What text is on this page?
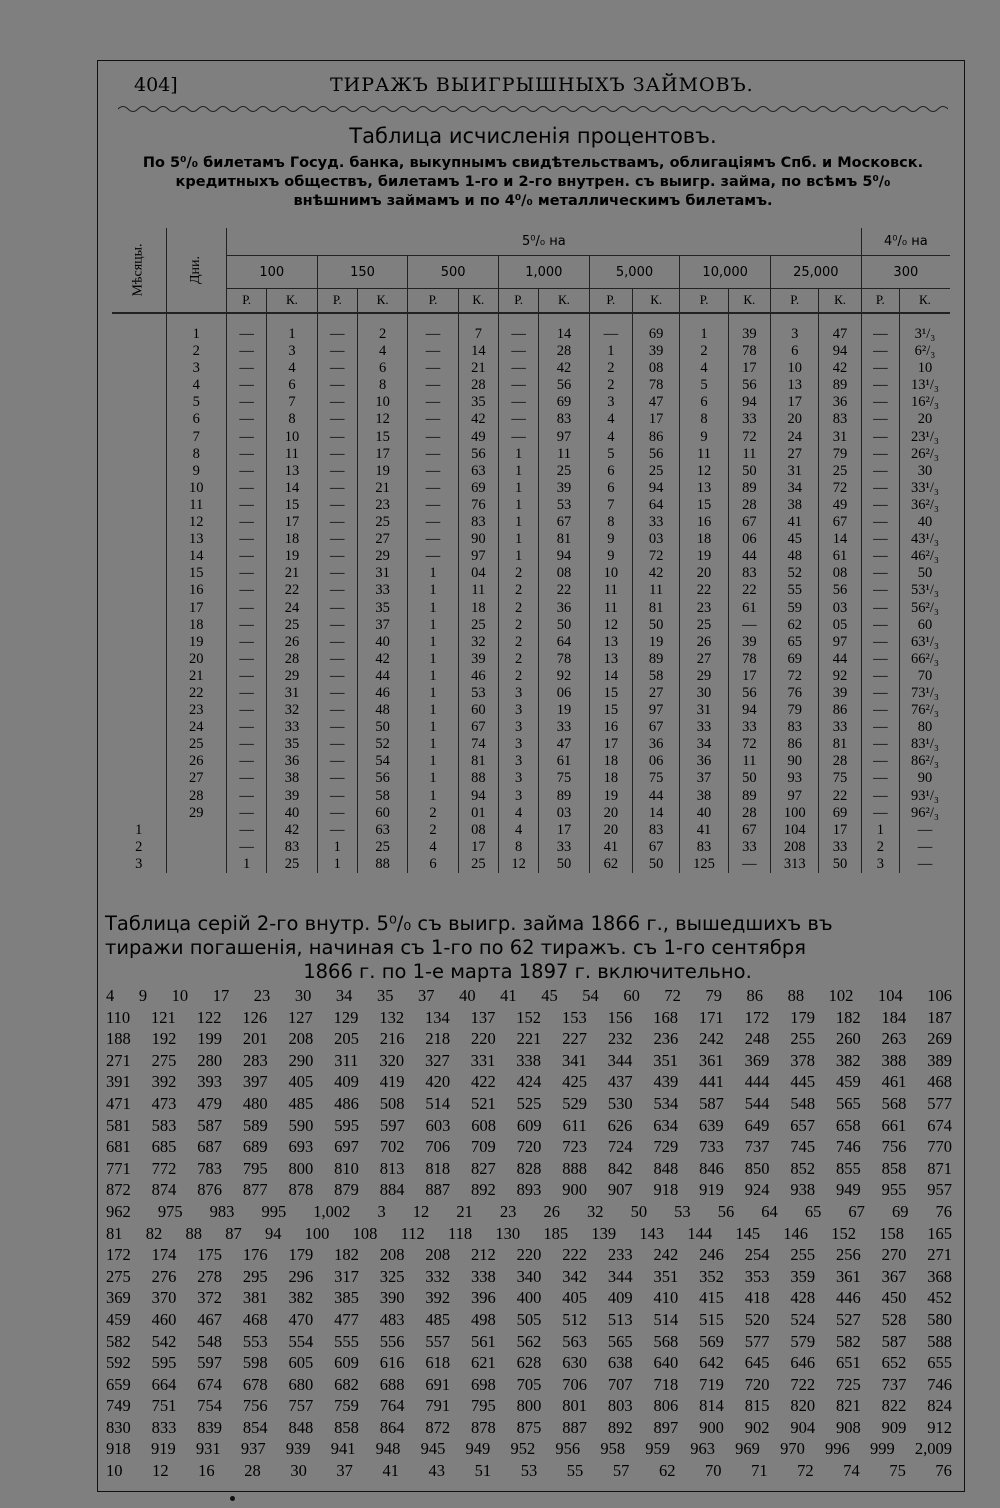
404]	ТИРАЖЪ ВЫИГРЫШНЫХЪ ЗАЙМОВЪ.
Таблица исчисленія процентовъ.
По 5⁰/₀ билетамъ Госуд. банка, выкупнымъ свидѣтельствамъ, облигаціямъ Спб. и Московск.
кредитныхъ обществъ, билетамъ 1-го и 2-го внутрен. съ выигр. займа, по всѣмъ 5⁰/₀
внѣшнимъ займамъ и по 4⁰/₀ металлическимъ билетамъ.
Мѣсяцы.	Дни.	5⁰/₀ на														4⁰/₀ на	
		100		150		500		1,000		5,000		10,000		25,000		300	
		Р.	К.	Р.	К.	Р.	К.	Р.	К.	Р.	К.	Р.	К.	Р.	К.	Р.	К.

	1	—	1	—	2	—	7	—	14	—	69	1	39	3	47	—	3¹/₃
	2	—	3	—	4	—	14	—	28	1	39	2	78	6	94	—	6²/₃
	3	—	4	—	6	—	21	—	42	2	08	4	17	10	42	—	10
	4	—	6	—	8	—	28	—	56	2	78	5	56	13	89	—	13¹/₃
	5	—	7	—	10	—	35	—	69	3	47	6	94	17	36	—	16²/₃
	6	—	8	—	12	—	42	—	83	4	17	8	33	20	83	—	20
	7	—	10	—	15	—	49	—	97	4	86	9	72	24	31	—	23¹/₃
	8	—	11	—	17	—	56	1	11	5	56	11	11	27	79	—	26²/₃
	9	—	13	—	19	—	63	1	25	6	25	12	50	31	25	—	30
	10	—	14	—	21	—	69	1	39	6	94	13	89	34	72	—	33¹/₃
	11	—	15	—	23	—	76	1	53	7	64	15	28	38	49	—	36²/₃
	12	—	17	—	25	—	83	1	67	8	33	16	67	41	67	—	40
	13	—	18	—	27	—	90	1	81	9	03	18	06	45	14	—	43¹/₃
	14	—	19	—	29	—	97	1	94	9	72	19	44	48	61	—	46²/₃
	15	—	21	—	31	1	04	2	08	10	42	20	83	52	08	—	50
	16	—	22	—	33	1	11	2	22	11	11	22	22	55	56	—	53¹/₃
	17	—	24	—	35	1	18	2	36	11	81	23	61	59	03	—	56²/₃
	18	—	25	—	37	1	25	2	50	12	50	25	—	62	05	—	60
	19	—	26	—	40	1	32	2	64	13	19	26	39	65	97	—	63¹/₃
	20	—	28	—	42	1	39	2	78	13	89	27	78	69	44	—	66²/₃
	21	—	29	—	44	1	46	2	92	14	58	29	17	72	92	—	70
	22	—	31	—	46	1	53	3	06	15	27	30	56	76	39	—	73¹/₃
	23	—	32	—	48	1	60	3	19	15	97	31	94	79	86	—	76²/₃
	24	—	33	—	50	1	67	3	33	16	67	33	33	83	33	—	80
	25	—	35	—	52	1	74	3	47	17	36	34	72	86	81	—	83¹/₃
	26	—	36	—	54	1	81	3	61	18	06	36	11	90	28	—	86²/₃
	27	—	38	—	56	1	88	3	75	18	75	37	50	93	75	—	90
	28	—	39	—	58	1	94	3	89	19	44	38	89	97	22	—	93¹/₃
	29	—	40	—	60	2	01	4	03	20	14	40	28	100	69	—	96²/₃
1		—	42	—	63	2	08	4	17	20	83	41	67	104	17	1	—
2		—	83	1	25	4	17	8	33	41	67	83	33	208	33	2	—
3		1	25	1	88	6	25	12	50	62	50	125	—	313	50	3	—
Таблица серій 2-го внутр. 5⁰/₀ съ выигр. займа 1866 г., вышедшихъ въ
тиражи погашенія, начиная съ 1-го по 62 тиражъ. съ 1-го сентября
1866 г. по 1-е марта 1897 г. включительно.
4 9 10 17 23 30 34 35 37 40 41 45 54 60 72 79 86 88 102 104 106
110 121 122 126 127 129 132 134 137 152 153 156 168 171 172 179 182 184 187
188 192 199 201 208 205 216 218 220 221 227 232 236 242 248 255 260 263 269
271 275 280 283 290 311 320 327 331 338 341 344 351 361 369 378 382 388 389
391 392 393 397 405 409 419 420 422 424 425 437 439 441 444 445 459 461 468
471 473 479 480 485 486 508 514 521 525 529 530 534 587 544 548 565 568 577
581 583 587 589 590 595 597 603 608 609 611 626 634 639 649 657 658 661 674
681 685 687 689 693 697 702 706 709 720 723 724 729 733 737 745 746 756 770
771 772 783 795 800 810 813 818 827 828 888 842 848 846 850 852 855 858 871
872 874 876 877 878 879 884 887 892 893 900 907 918 919 924 938 949 955 957
962 975 983 995 1,002 3 12 21 23 26 32 50 53 56 64 65 67 69 76
81 82 88 87 94 100 108 112 118 130 185 139 143 144 145 146 152 158 165
172 174 175 176 179 182 208 208 212 220 222 233 242 246 254 255 256 270 271
275 276 278 295 296 317 325 332 338 340 342 344 351 352 353 359 361 367 368
369 370 372 381 382 385 390 392 396 400 405 409 410 415 418 428 446 450 452
459 460 467 468 470 477 483 485 498 505 512 513 514 515 520 524 527 528 580
582 542 548 553 554 555 556 557 561 562 563 565 568 569 577 579 582 587 588
592 595 597 598 605 609 616 618 621 628 630 638 640 642 645 646 651 652 655
659 664 674 678 680 682 688 691 698 705 706 707 718 719 720 722 725 737 746
749 751 754 756 757 759 764 791 795 800 801 803 806 814 815 820 821 822 824
830 833 839 854 848 858 864 872 878 875 887 892 897 900 902 904 908 909 912
918 919 931 937 939 941 948 945 949 952 956 958 959 963 969 970 996 999 2,009
10 12 16 28 30 37 41 43 51 53 55 57 62 70 71 72 74 75 76
